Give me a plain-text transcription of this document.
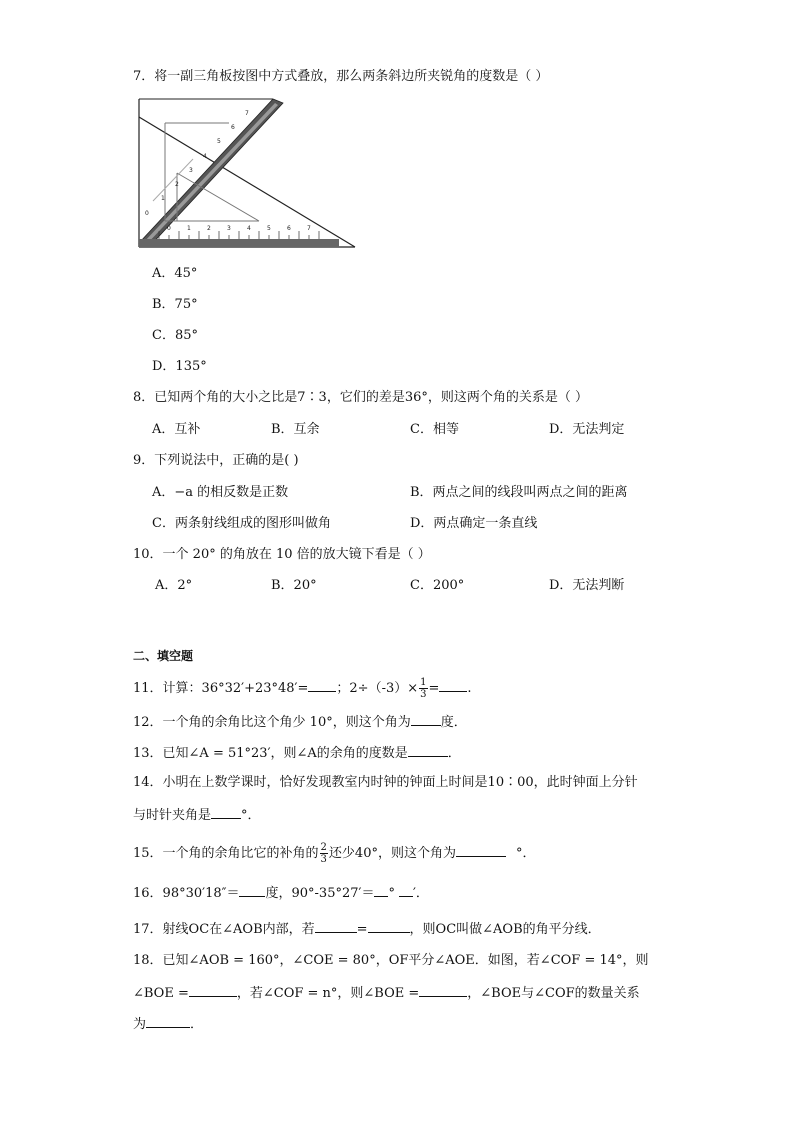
7．将一副三角板按图中方式叠放，那么两条斜边所夹锐角的度数是（ ）
0	1	2	3	4	5	6	7
0
1
2
3
4
5
6
7
A．45°
B．75°
C．85°
D．135°
8．已知两个角的大小之比是7∶3，它们的差是36°，则这两个角的关系是（ ）
A．互补	B．互余	C．相等	D．无法判定
9．下列说法中，正确的是( )
A．−a 的相反数是正数	B．两点之间的线段叫两点之间的距离
C．两条射线组成的图形叫做角	D．两点确定一条直线
10．一个 20° 的角放在 10 倍的放大镜下看是（ ）
A．2°	B．20°	C．200°	D．无法判断
二、填空题
11．计算：36°32′+23°48′= ；$2\div(-3)\times \frac{1}{3}$ = .
12．一个角的余角比这个角少 10°，则这个角为 度．
13．已知∠A = 51°23′，则∠A的余角的度数是	．
14．小明在上数学课时，恰好发现教室内时钟的钟面上时间是10∶00，此时钟面上分针
与时针夹角是 °．
15．一个角的余角比它的补角的 $\frac{2}{3}$ 还少40°，则这个角为	°．
16．98°30′18″＝ 度，90°-35°27′＝ ° ′．
17．射线OC在∠AOB内部，若	=	，则OC叫做∠AOB的角平分线．
18．已知∠AOB = 160°，∠COE = 80°，OF平分∠AOE．如图，若∠COF = 14°，则
∠BOE =	，若∠COF = n°，则∠BOE =	，∠BOE与∠COF的数量关系
为	．
